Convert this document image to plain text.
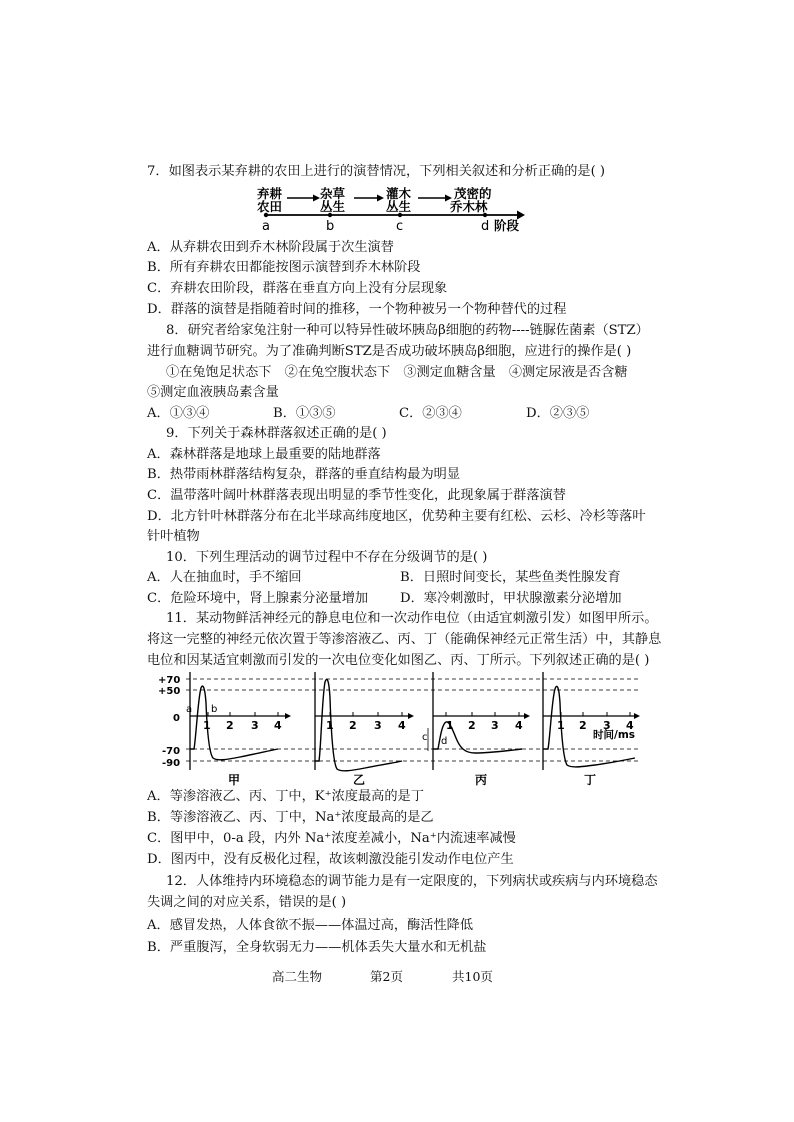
7．如图表示某弃耕的农田上进行的演替情况，下列相关叙述和分析正确的是( )
弃耕
农田
杂草
丛生
灌木
丛生
茂密的
乔木林
a	b	c	d 阶段
A．从弃耕农田到乔木林阶段属于次生演替
B．所有弃耕农田都能按图示演替到乔木林阶段
C．弃耕农田阶段，群落在垂直方向上没有分层现象
D．群落的演替是指随着时间的推移，一个物种被另一个物种替代的过程
8．研究者给家兔注射一种可以特异性破坏胰岛β细胞的药物----链脲佐菌素（STZ）
进行血糖调节研究。为了准确判断STZ是否成功破坏胰岛β细胞，应进行的操作是( )
①在兔饱足状态下　②在兔空腹状态下　③测定血糖含量　④测定尿液是否含糖
⑤测定血液胰岛素含量
A．①③④	B．①③⑤	C．②③④	D．②③⑤
9．下列关于森林群落叙述正确的是( )
A．森林群落是地球上最重要的陆地群落
B．热带雨林群落结构复杂，群落的垂直结构最为明显
C．温带落叶阔叶林群落表现出明显的季节性变化，此现象属于群落演替
D．北方针叶林群落分布在北半球高纬度地区，优势种主要有红松、云杉、冷杉等落叶
针叶植物
10．下列生理活动的调节过程中不存在分级调节的是( )
A．人在抽血时，手不缩回	B．日照时间变长，某些鱼类性腺发育
C．危险环境中，肾上腺素分泌量增加 D．寒冷刺激时，甲状腺激素分泌增加
11．某动物鲜活神经元的静息电位和一次动作电位（由适宜刺激引发）如图甲所示。
将这一完整的神经元依次置于等渗溶液乙、丙、丁（能确保神经元正常生活）中，其静息
电位和因某适宜刺激而引发的一次电位变化如图乙、丙、丁所示。下列叙述正确的是( )
+70
+50
0
-70
-90
1 2 3 4
a b
甲
1 2 3 4
乙
1 2 3 4
c d
丙
1 2 3 4
时间/ms
丁
A．等渗溶液乙、丙、丁中，K⁺浓度最高的是丁
B．等渗溶液乙、丙、丁中，Na⁺浓度最高的是乙
C．图甲中，0-a 段，内外 Na⁺浓度差减小，Na⁺内流速率减慢
D．图丙中，没有反极化过程，故该刺激没能引发动作电位产生
12．人体维持内环境稳态的调节能力是有一定限度的，下列病状或疾病与内环境稳态
失调之间的对应关系，错误的是( )
A．感冒发热，人体食欲不振——体温过高，酶活性降低
B．严重腹泻，全身软弱无力——机体丢失大量水和无机盐
高二生物	第2页	共10页
